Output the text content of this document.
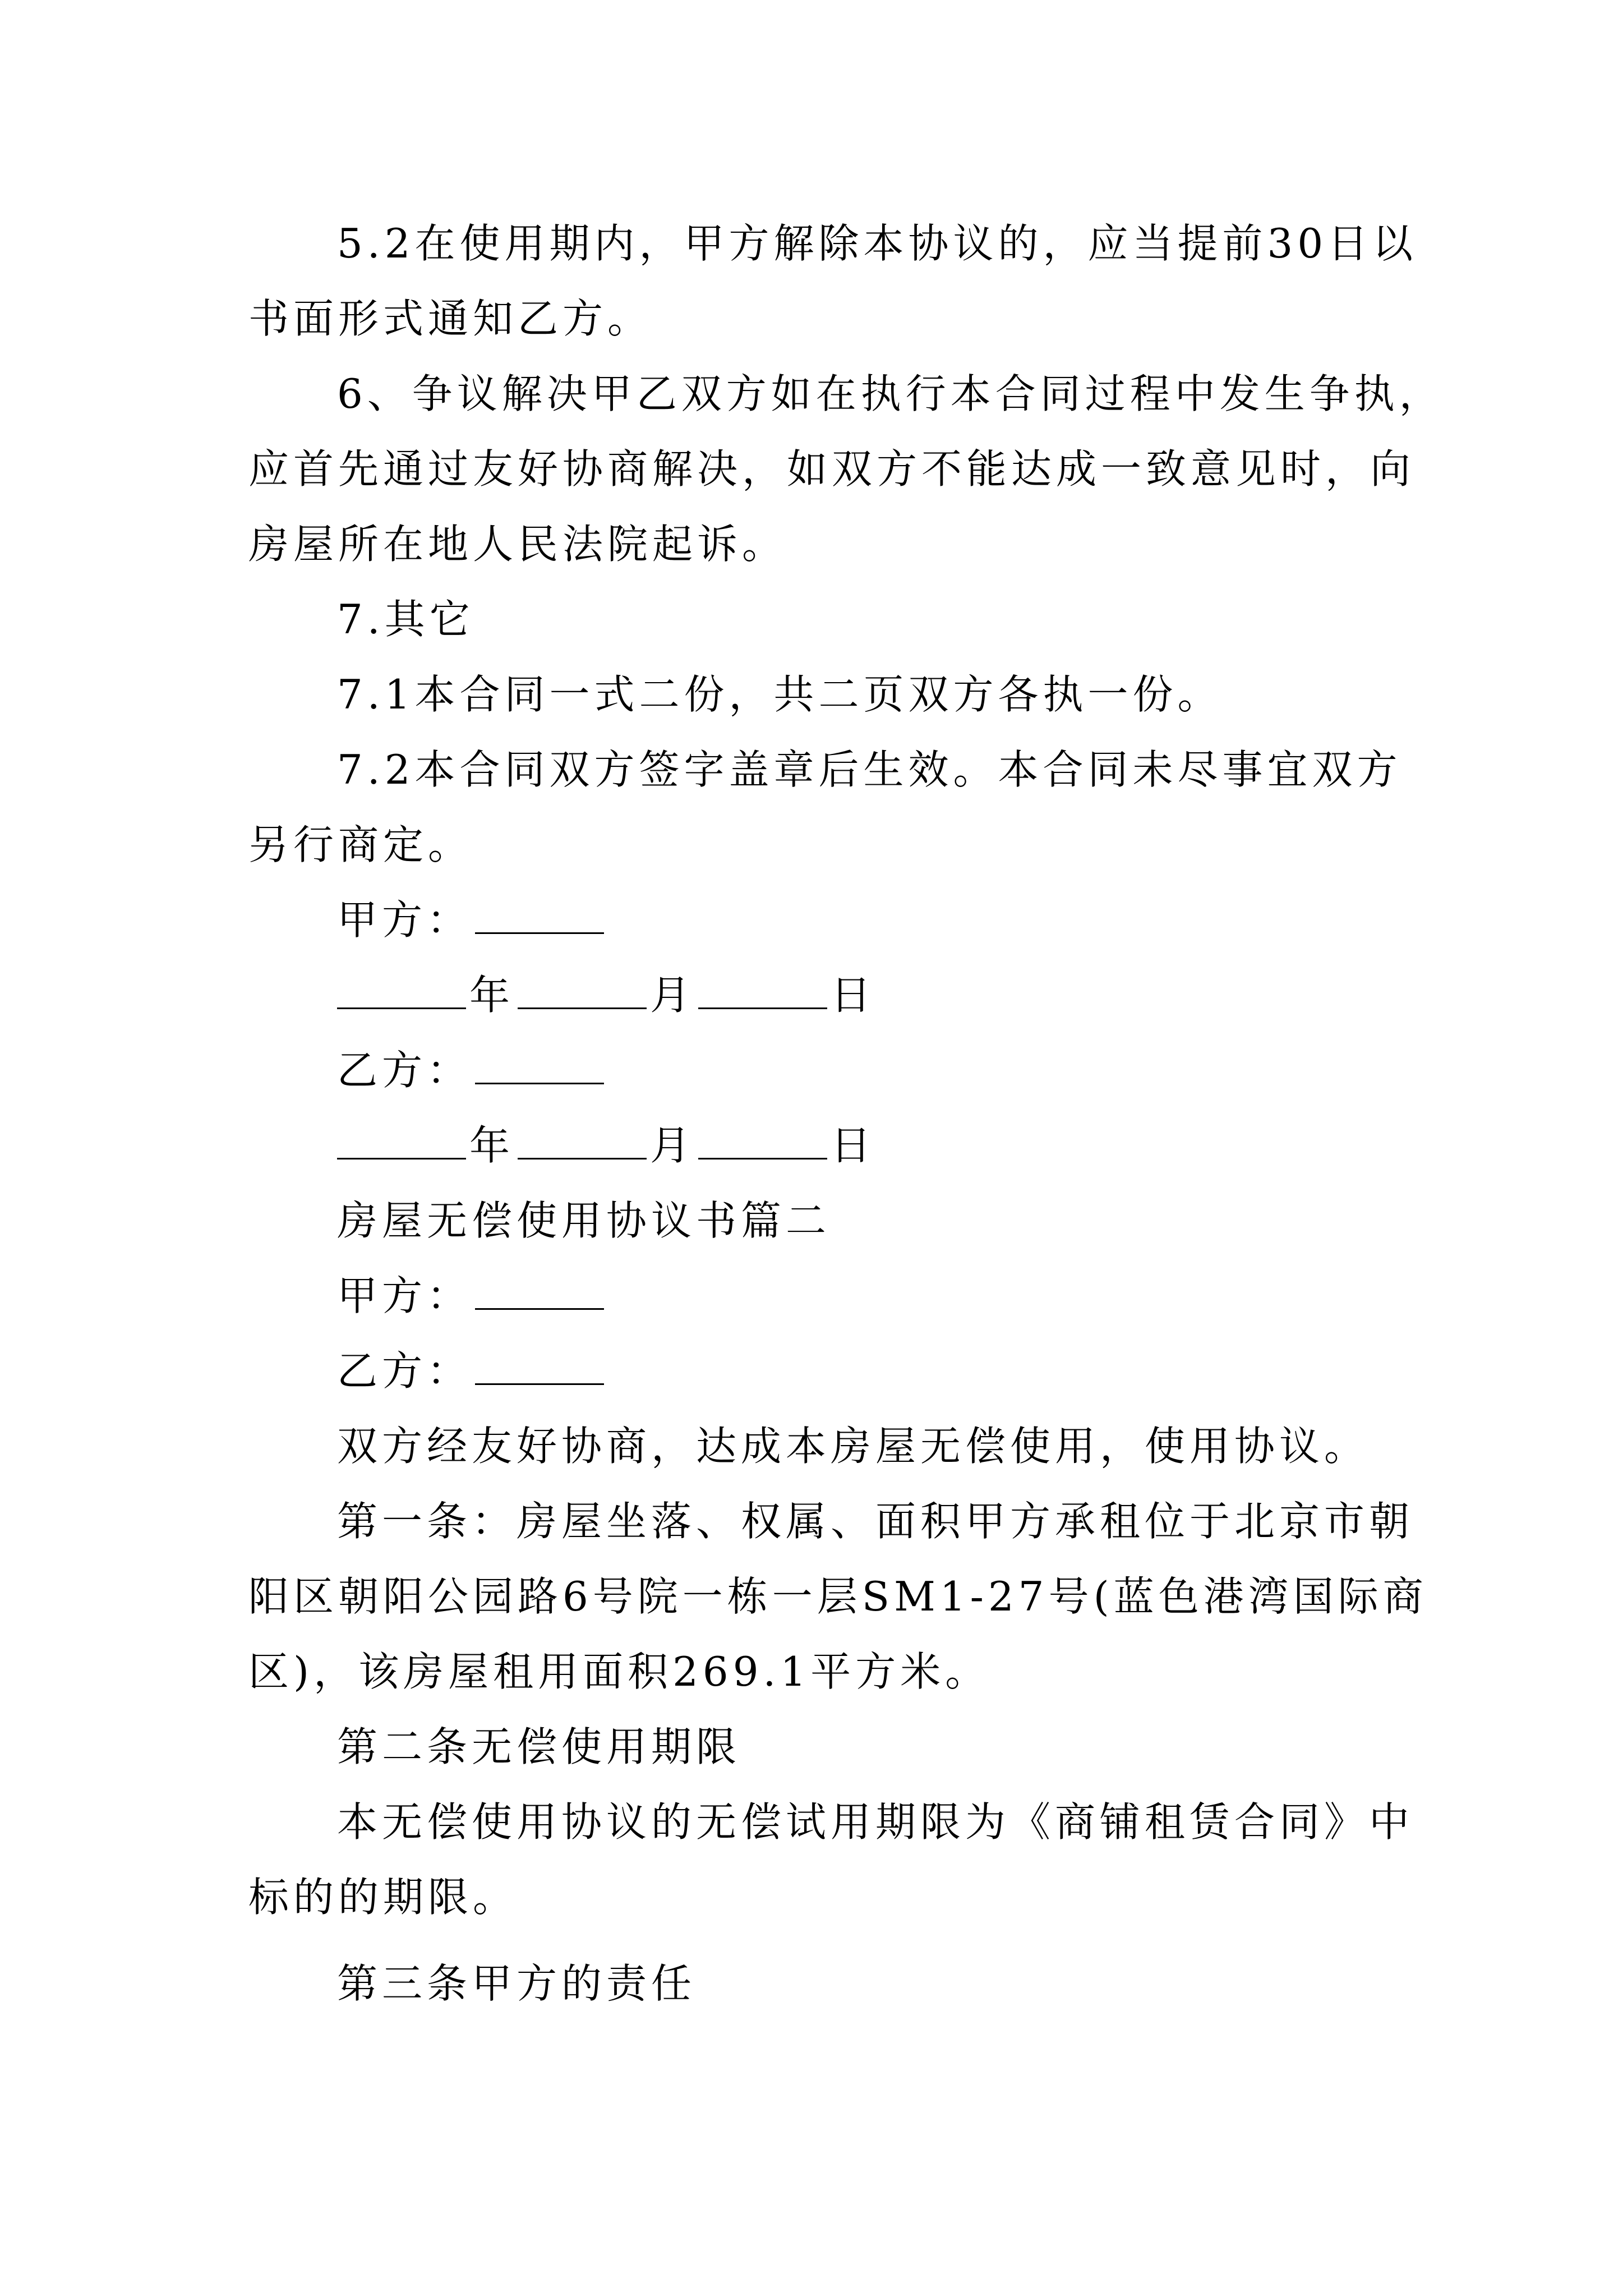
5.2在使用期内，甲方解除本协议的，应当提前30日以
书面形式通知乙方。
6、争议解决甲乙双方如在执行本合同过程中发生争执，
应首先通过友好协商解决，如双方不能达成一致意见时，向
房屋所在地人民法院起诉。
7.其它
7.1本合同一式二份，共二页双方各执一份。
7.2本合同双方签字盖章后生效。本合同未尽事宜双方
另行商定。
甲方：
年	月	日
乙方：
年	月	日
房屋无偿使用协议书篇二
甲方：
乙方：
双方经友好协商，达成本房屋无偿使用，使用协议。
第一条：房屋坐落、权属、面积甲方承租位于北京市朝
阳区朝阳公园路6号院一栋一层SM1-27号(蓝色港湾国际商
区)，该房屋租用面积269.1平方米。
第二条无偿使用期限
本无偿使用协议的无偿试用期限为《商铺租赁合同》中
标的的期限。
第三条甲方的责任
